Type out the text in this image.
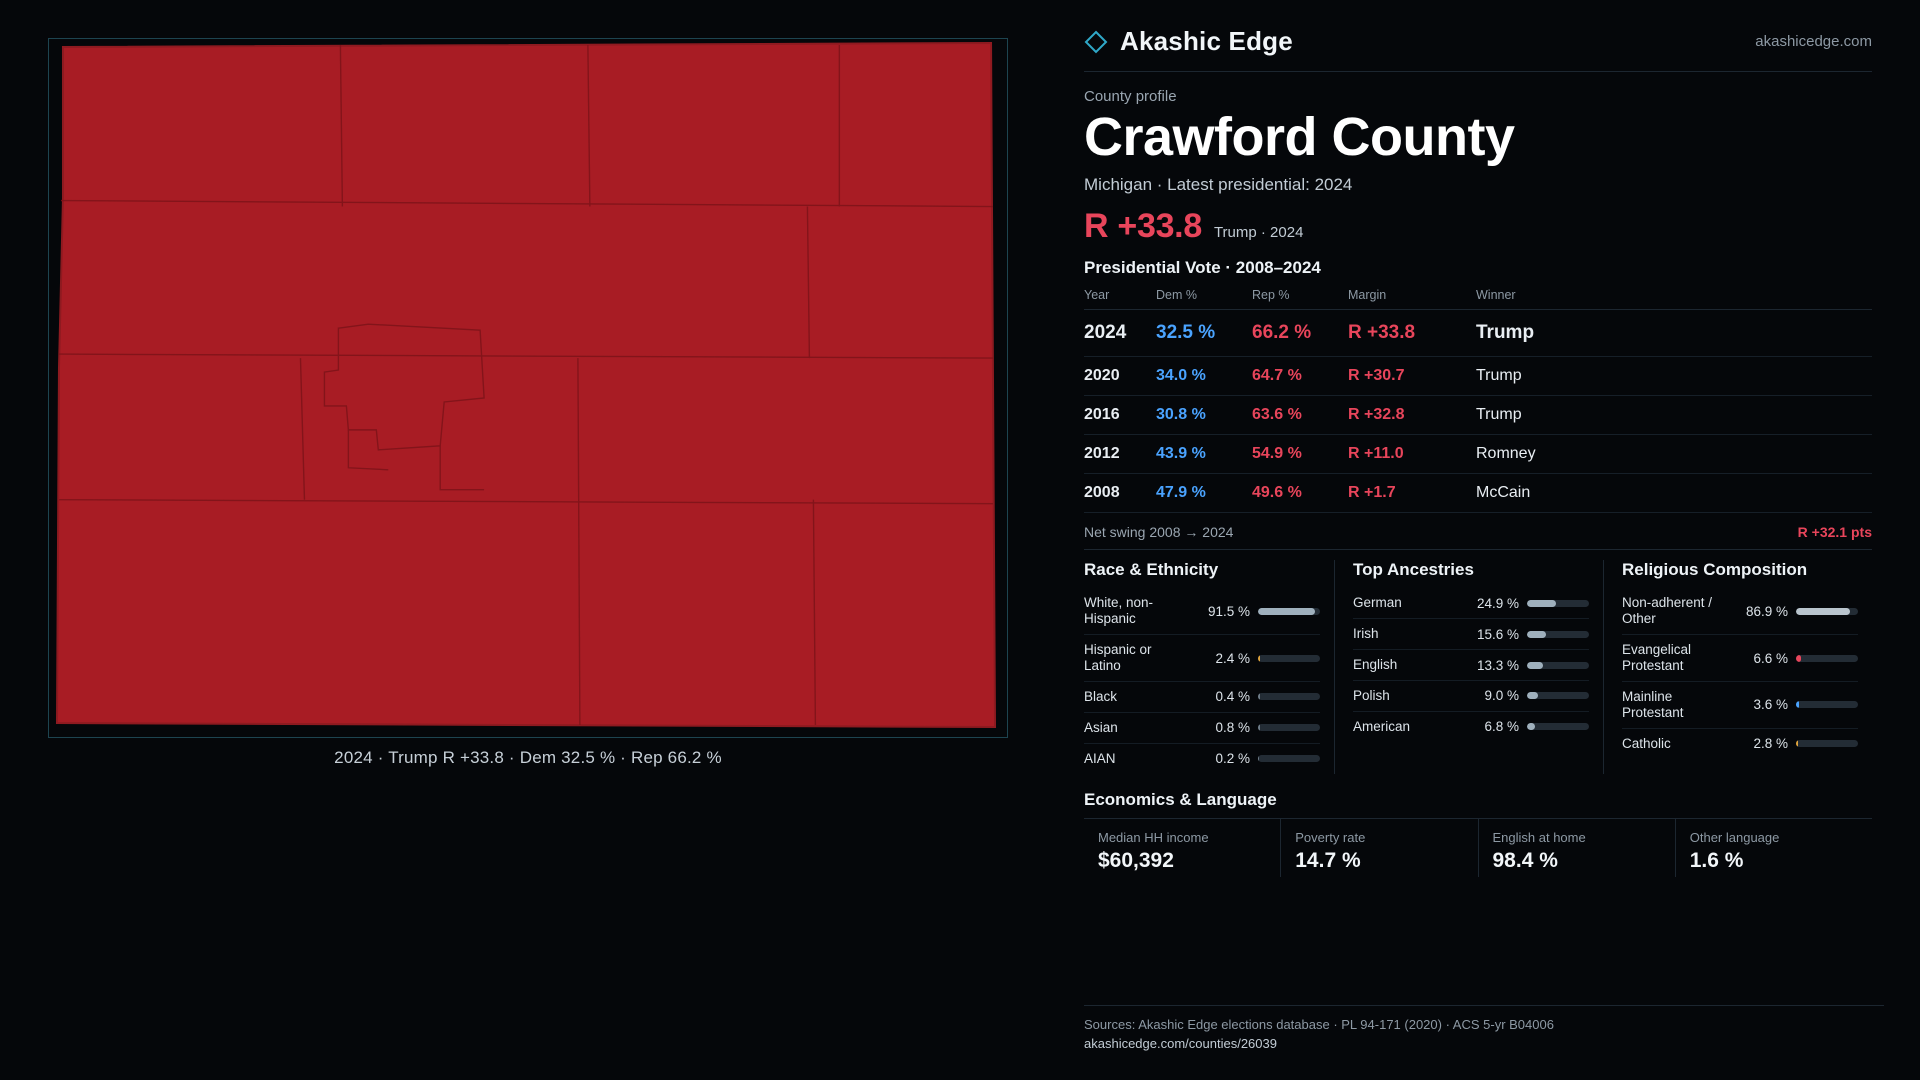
2024 · Trump R +33.8 · Dem 32.5 % · Rep 66.2 %
Akashic Edge	akashicedge.com
County profile
Crawford County
Michigan · Latest presidential: 2024
R +33.8 Trump · 2024
Presidential Vote · 2008–2024
Year	Dem %	Rep %	Margin	Winner
2024	32.5 %	66.2 %	R +33.8	Trump
2020	34.0 %	64.7 %	R +30.7	Trump
2016	30.8 %	63.6 %	R +32.8	Trump
2012	43.9 %	54.9 %	R +11.0	Romney
2008	47.9 %	49.6 %	R +1.7	McCain
Net swing 2008 → 2024	R +32.1 pts
Race & Ethnicity
White, non-Hispanic	91.5 %
Hispanic or Latino	2.4 %
Black	0.4 %
Asian	0.8 %
AIAN	0.2 %
Top Ancestries
German	24.9 %
Irish	15.6 %
English	13.3 %
Polish	9.0 %
American	6.8 %
Religious Composition
Non-adherent / Other	86.9 %
Evangelical Protestant	6.6 %
Mainline Protestant	3.6 %
Catholic	2.8 %
Economics & Language
Median HH income
$60,392
Poverty rate
14.7 %
English at home
98.4 %
Other language
1.6 %
Sources: Akashic Edge elections database · PL 94-171 (2020) · ACS 5-yr B04006
akashicedge.com/counties/26039
